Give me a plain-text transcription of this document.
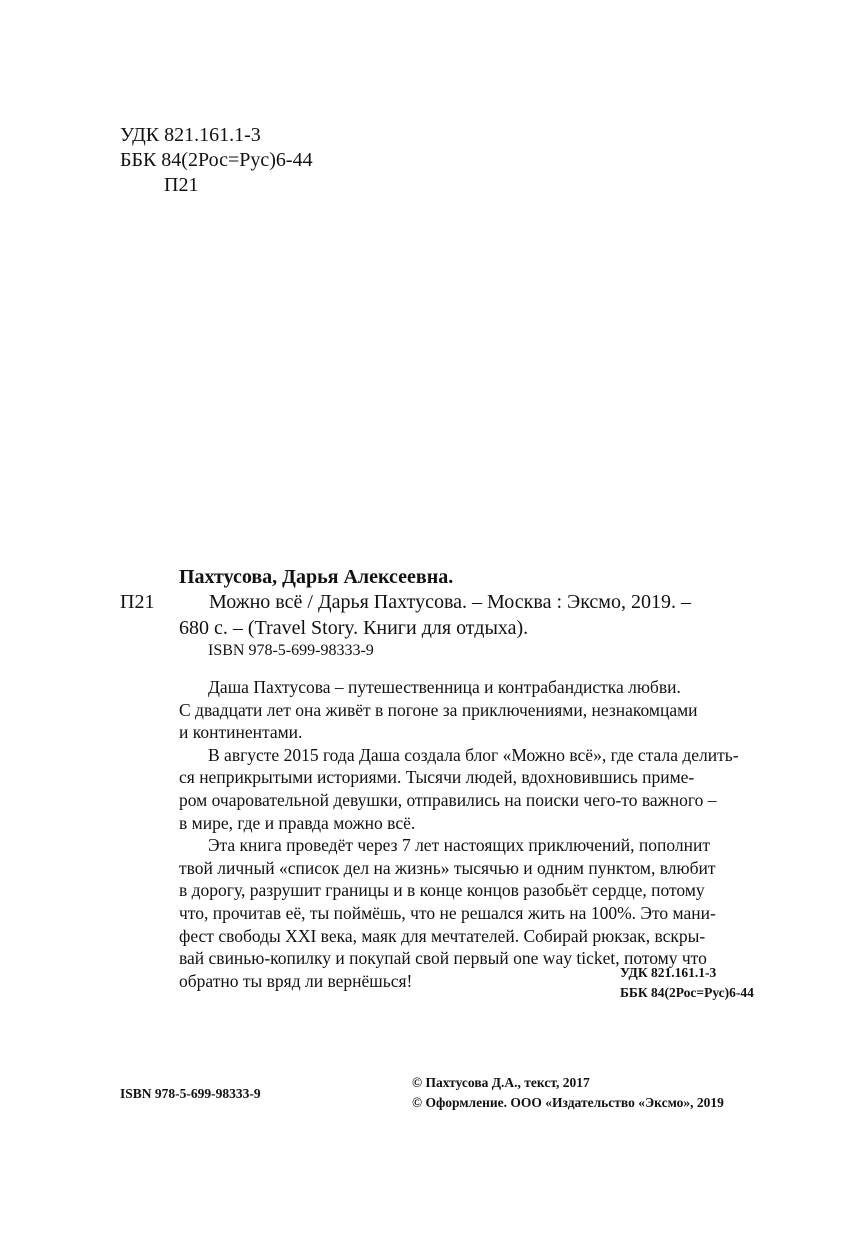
УДК 821.161.1-3
ББК 84(2Рос=Рус)6-44
П21
Пахтусова, Дарья Алексеевна.
П21	Можно всё / Дарья Пахтусова. – Москва : Эксмо, 2019. –
680 с. – (Travel Story. Книги для отдыха).
ISBN 978-5-699-98333-9
Даша Пахтусова – путешественница и контрабандистка любви.
С двадцати лет она живёт в погоне за приключениями, незнакомцами
и континентами.
В августе 2015 года Даша создала блог «Можно всё», где стала делить-
ся неприкрытыми историями. Тысячи людей, вдохновившись приме-
ром очаровательной девушки, отправились на поиски чего-то важного –
в мире, где и правда можно всё.
Эта книга проведёт через 7 лет настоящих приключений, пополнит
твой личный «список дел на жизнь» тысячью и одним пунктом, влюбит
в дорогу, разрушит границы и в конце концов разобьёт сердце, потому
что, прочитав её, ты поймёшь, что не решался жить на 100%. Это мани-
фест свободы XXI века, маяк для мечтателей. Собирай рюкзак, вскры-
вай свинью-копилку и покупай свой первый one way ticket, потому что
обратно ты вряд ли вернёшься!	УДК 821.161.1-3
ББК 84(2Рос=Рус)6-44
ISBN 978-5-699-98333-9
© Пахтусова Д.А., текст, 2017
© Оформление. ООО «Издательство «Эксмо», 2019
